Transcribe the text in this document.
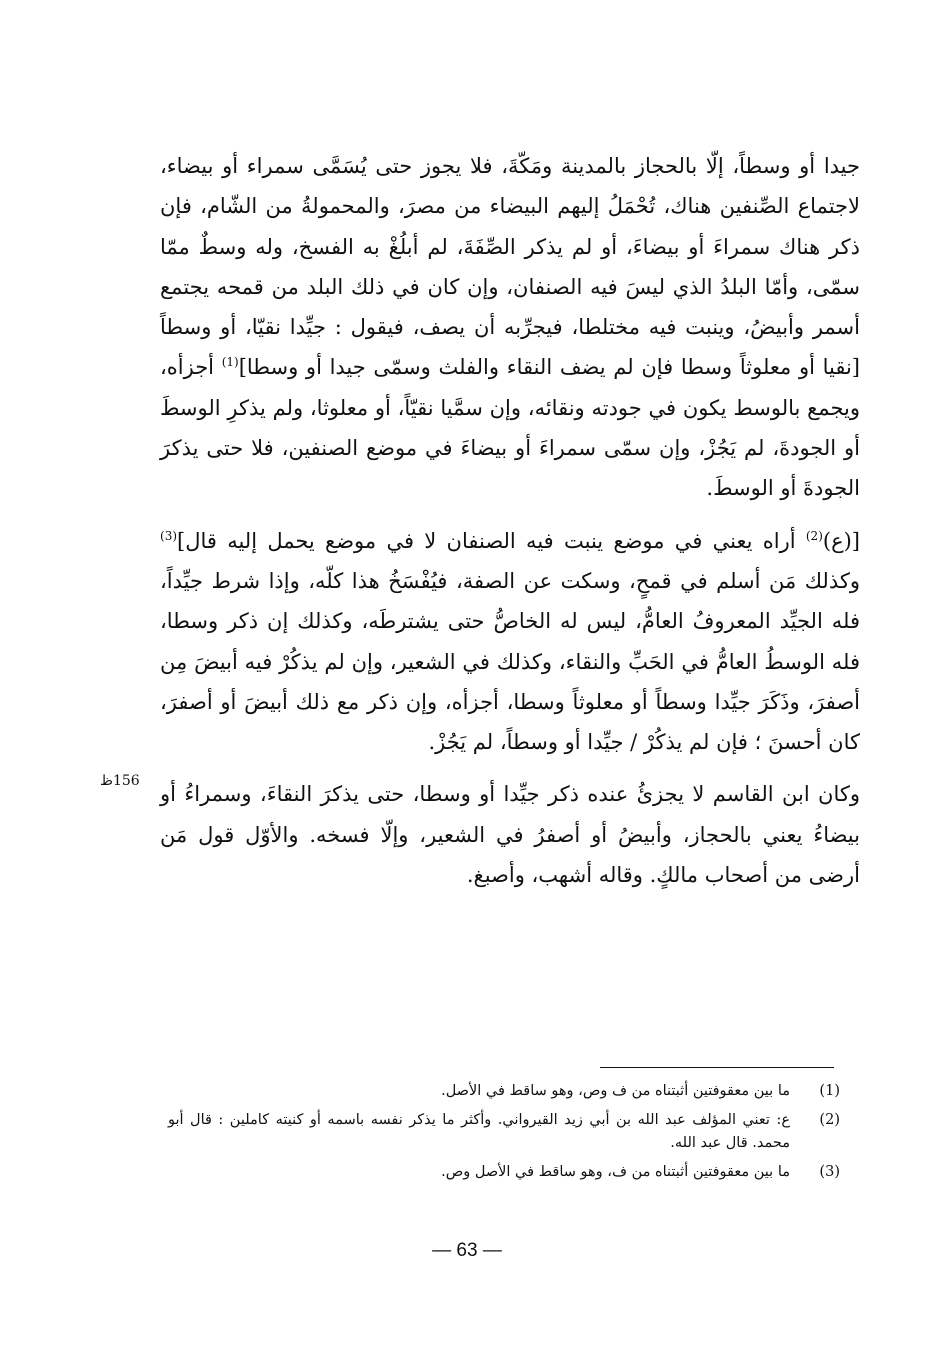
جيدا أو وسطاً، إلّا بالحجاز بالمدينة ومَكّةَ، فلا يجوز حتى يُسَمَّى سمراء أو بيضاء، لاجتماع الصِّنفين هناك، تُحْمَلُ إليهم البيضاء من مصرَ، والمحمولةُ من الشّام، فإن ذكر هناك سمراءَ أو بيضاءَ، أو لم يذكر الصِّفَةَ، لم أبلُغْ به الفسخ، وله وسطٌ ممّا سمّى، وأمّا البلدُ الذي ليسَ فيه الصنفان، وإن كان في ذلك البلد من قمحه يجتمع أسمر وأبيضُ، وينبت فيه مختلطا، فيجرِّبه أن يصف، فيقول : جيِّدا نقيّا، أو وسطاً [نقيا أو معلوثاً وسطا فإن لم يضف النقاء والفلث وسمّى جيدا أو وسطا]$^{(1)}$ أجزأه، ويجمع بالوسط يكون في جودته ونقائه، وإن سمَّيا نقيّاً، أو معلوثا، ولم يذكرِ الوسطَ أو الجودةَ، لم يَجُزْ، وإن سمّى سمراءَ أو بيضاءَ في موضع الصنفين، فلا حتى يذكرَ الجودةَ أو الوسطَ.

[(ع)$^{(2)}$ أراه يعني في موضع ينبت فيه الصنفان لا في موضع يحمل إليه قال]$^{(3)}$ وكذلك مَن أسلم في قمحٍ، وسكت عن الصفة، فيُفْسَخُ هذا كلّه، وإذا شرط جيِّداً، فله الجيِّد المعروفُ العامُّ، ليس له الخاصُّ حتى يشترطَه، وكذلك إن ذكر وسطا، فله الوسطُ العامُّ في الحَبِّ والنقاء، وكذلك في الشعير، وإن لم يذكُرْ فيه أبيضَ مِن أصفرَ، وذَكَرَ جيِّدا وسطاً أو معلوثاً وسطا، أجزأه، وإن ذكر مع ذلك أبيضَ أو أصفرَ، كان أحسنَ ؛ فإن لم يذكُرْ / جيِّدا أو وسطاً، لم يَجُزْ.

وكان ابن القاسم لا يجزئُ عنده ذكر جيِّدا أو وسطا، حتى يذكرَ النقاءَ، وسمراءُ أو بيضاءُ يعني بالحجاز، وأبيضُ أو أصفرُ في الشعير، وإلّا فسخه. والأوّل قول مَن أرضى من أصحاب مالكٍ. وقاله أشهب، وأصبغ.

156ظ
(1)
ما بين معقوفتين أثبتناه من ف وص، وهو ساقط في الأصل.
(2)
ع: تعني المؤلف عبد الله بن أبي زيد القيرواني. وأكثر ما يذكر نفسه باسمه أو كنيته كاملين : قال أبو محمد. قال عبد الله.
(3)
ما بين معقوفتين أثبتناه من ف، وهو ساقط في الأصل وص.
— 63 —
